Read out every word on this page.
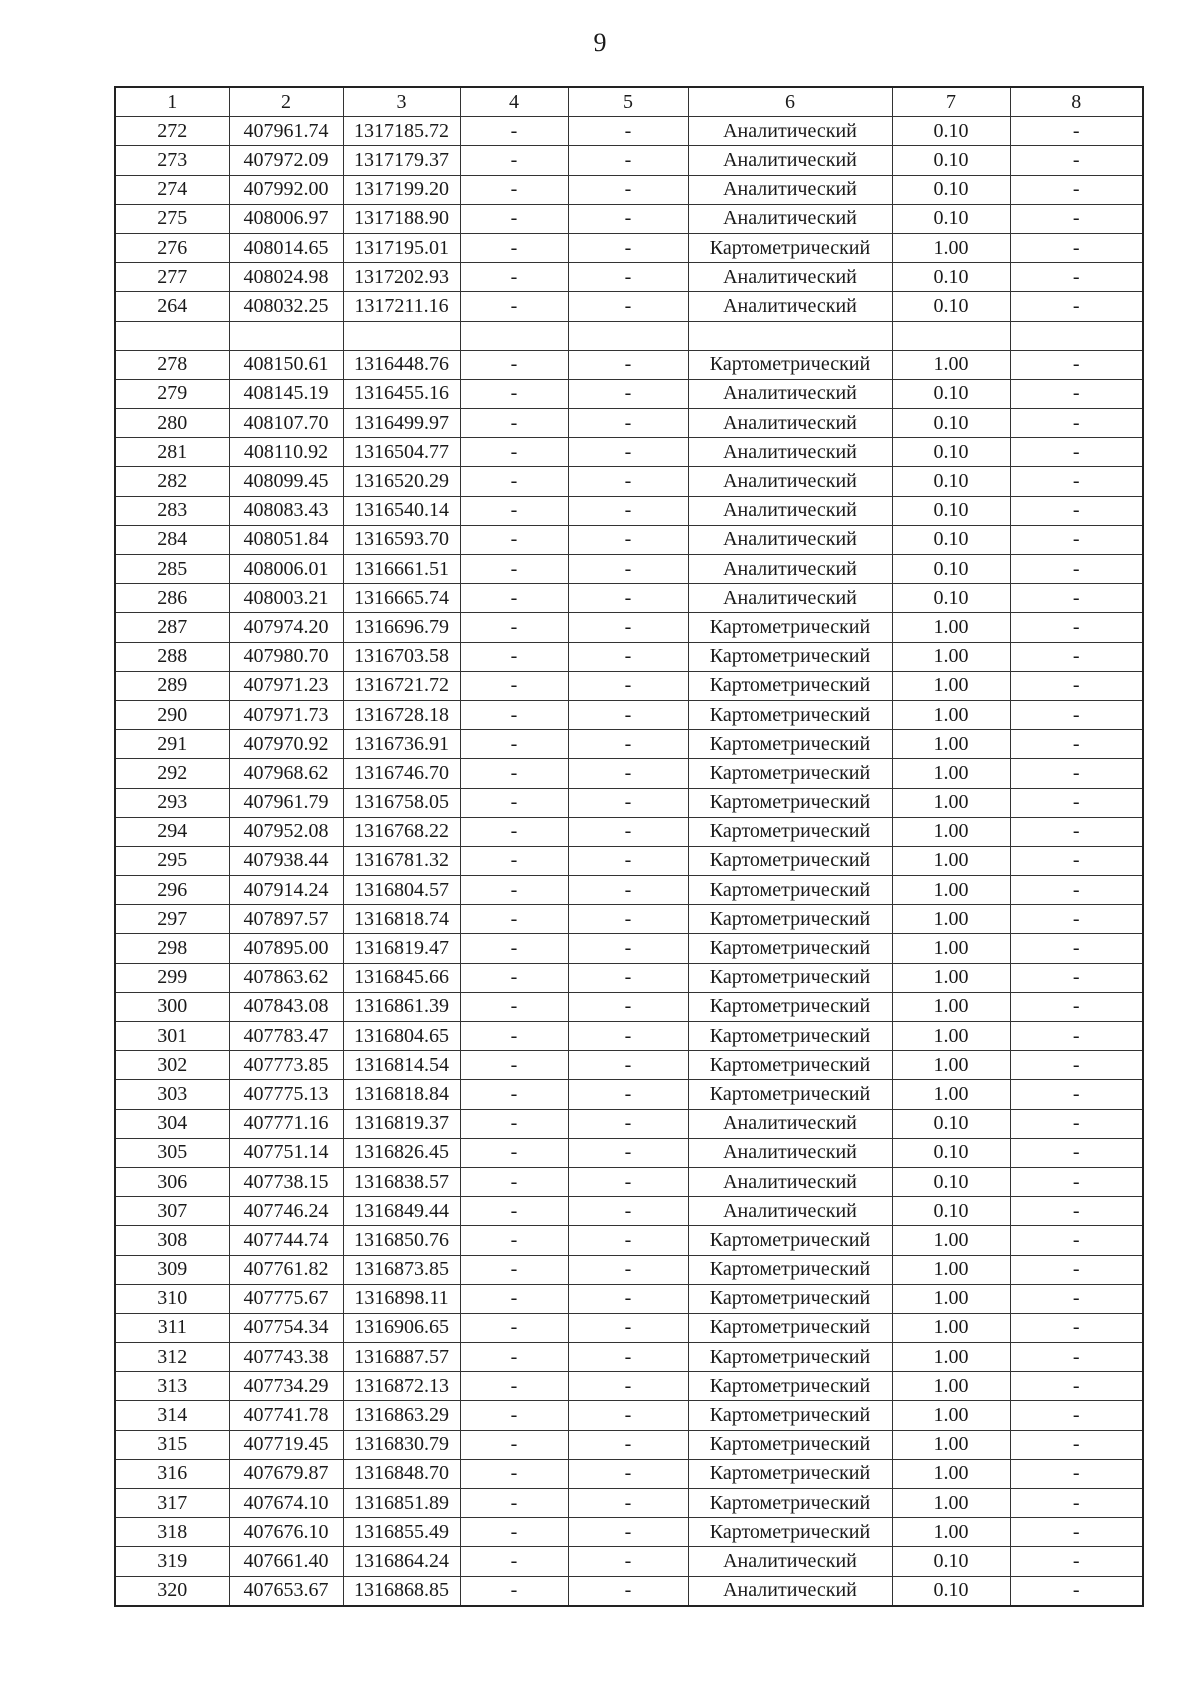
9
1	2	3	4	5	6	7	8
272	407961.74	1317185.72	-	-	Аналитический	0.10	-
273	407972.09	1317179.37	-	-	Аналитический	0.10	-
274	407992.00	1317199.20	-	-	Аналитический	0.10	-
275	408006.97	1317188.90	-	-	Аналитический	0.10	-
276	408014.65	1317195.01	-	-	Картометрический	1.00	-
277	408024.98	1317202.93	-	-	Аналитический	0.10	-
264	408032.25	1317211.16	-	-	Аналитический	0.10	-

278	408150.61	1316448.76	-	-	Картометрический	1.00	-
279	408145.19	1316455.16	-	-	Аналитический	0.10	-
280	408107.70	1316499.97	-	-	Аналитический	0.10	-
281	408110.92	1316504.77	-	-	Аналитический	0.10	-
282	408099.45	1316520.29	-	-	Аналитический	0.10	-
283	408083.43	1316540.14	-	-	Аналитический	0.10	-
284	408051.84	1316593.70	-	-	Аналитический	0.10	-
285	408006.01	1316661.51	-	-	Аналитический	0.10	-
286	408003.21	1316665.74	-	-	Аналитический	0.10	-
287	407974.20	1316696.79	-	-	Картометрический	1.00	-
288	407980.70	1316703.58	-	-	Картометрический	1.00	-
289	407971.23	1316721.72	-	-	Картометрический	1.00	-
290	407971.73	1316728.18	-	-	Картометрический	1.00	-
291	407970.92	1316736.91	-	-	Картометрический	1.00	-
292	407968.62	1316746.70	-	-	Картометрический	1.00	-
293	407961.79	1316758.05	-	-	Картометрический	1.00	-
294	407952.08	1316768.22	-	-	Картометрический	1.00	-
295	407938.44	1316781.32	-	-	Картометрический	1.00	-
296	407914.24	1316804.57	-	-	Картометрический	1.00	-
297	407897.57	1316818.74	-	-	Картометрический	1.00	-
298	407895.00	1316819.47	-	-	Картометрический	1.00	-
299	407863.62	1316845.66	-	-	Картометрический	1.00	-
300	407843.08	1316861.39	-	-	Картометрический	1.00	-
301	407783.47	1316804.65	-	-	Картометрический	1.00	-
302	407773.85	1316814.54	-	-	Картометрический	1.00	-
303	407775.13	1316818.84	-	-	Картометрический	1.00	-
304	407771.16	1316819.37	-	-	Аналитический	0.10	-
305	407751.14	1316826.45	-	-	Аналитический	0.10	-
306	407738.15	1316838.57	-	-	Аналитический	0.10	-
307	407746.24	1316849.44	-	-	Аналитический	0.10	-
308	407744.74	1316850.76	-	-	Картометрический	1.00	-
309	407761.82	1316873.85	-	-	Картометрический	1.00	-
310	407775.67	1316898.11	-	-	Картометрический	1.00	-
311	407754.34	1316906.65	-	-	Картометрический	1.00	-
312	407743.38	1316887.57	-	-	Картометрический	1.00	-
313	407734.29	1316872.13	-	-	Картометрический	1.00	-
314	407741.78	1316863.29	-	-	Картометрический	1.00	-
315	407719.45	1316830.79	-	-	Картометрический	1.00	-
316	407679.87	1316848.70	-	-	Картометрический	1.00	-
317	407674.10	1316851.89	-	-	Картометрический	1.00	-
318	407676.10	1316855.49	-	-	Картометрический	1.00	-
319	407661.40	1316864.24	-	-	Аналитический	0.10	-
320	407653.67	1316868.85	-	-	Аналитический	0.10	-
